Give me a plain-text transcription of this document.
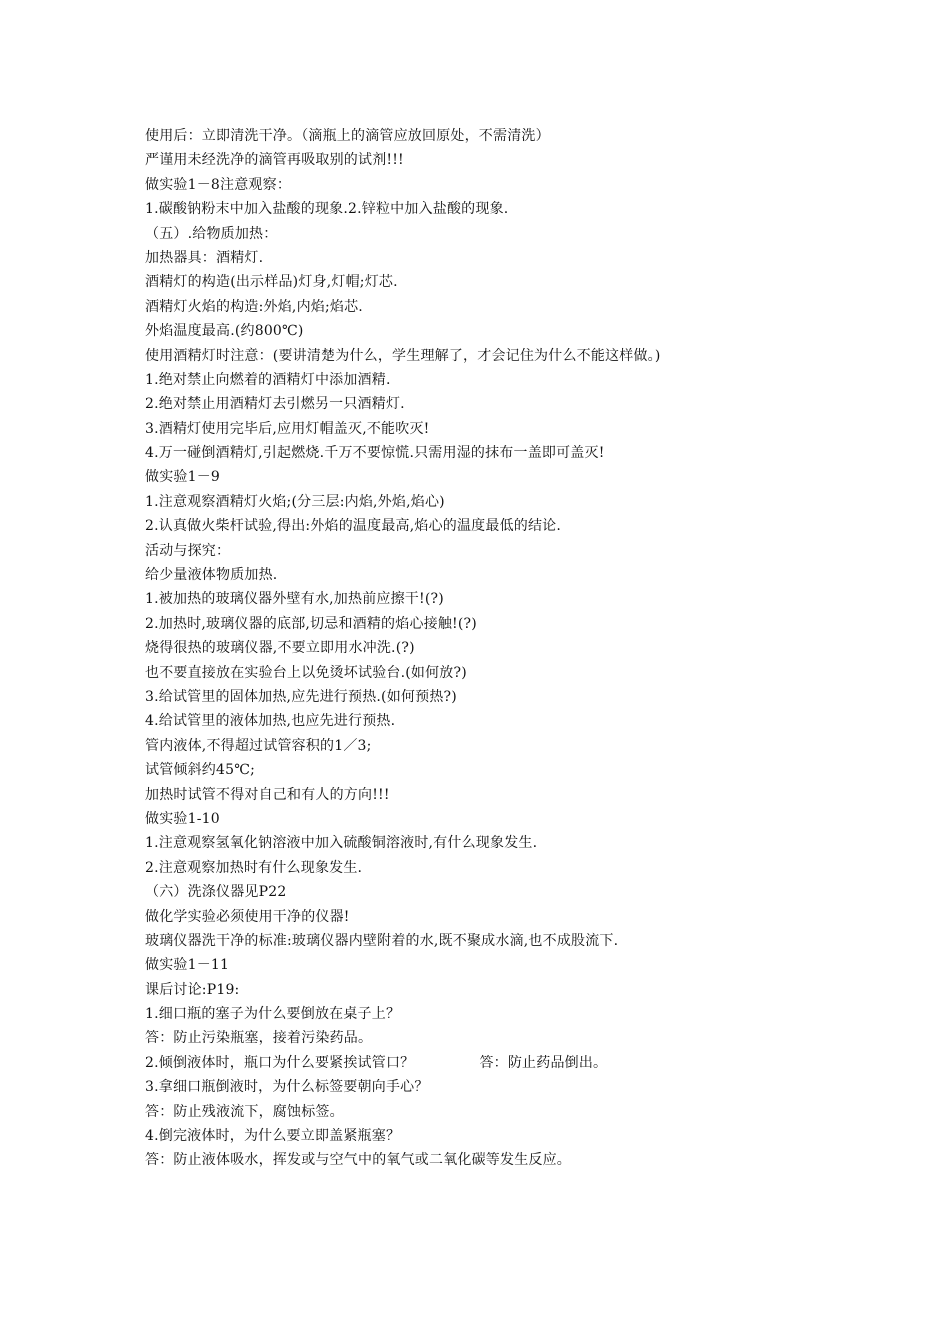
使用后：立即清洗干净。（滴瓶上的滴管应放回原处，不需清洗）
严谨用未经洗净的滴管再吸取别的试剂!!!
做实验1－8注意观察：
1.碳酸钠粉末中加入盐酸的现象.2.锌粒中加入盐酸的现象.
（五）.给物质加热：
加热器具：酒精灯.
酒精灯的构造(出示样品)灯身,灯帽;灯芯.
酒精灯火焰的构造:外焰,内焰;焰芯.
外焰温度最高.(约800℃)
使用酒精灯时注意：(要讲清楚为什么，学生理解了，才会记住为什么不能这样做。)
1.绝对禁止向燃着的酒精灯中添加酒精.
2.绝对禁止用酒精灯去引燃另一只酒精灯.
3.酒精灯使用完毕后,应用灯帽盖灭,不能吹灭!
4.万一碰倒酒精灯,引起燃烧.千万不要惊慌.只需用湿的抹布一盖即可盖灭!
做实验1－9
1.注意观察酒精灯火焰;(分三层:内焰,外焰,焰心)
2.认真做火柴杆试验,得出:外焰的温度最高,焰心的温度最低的结论.
活动与探究：
给少量液体物质加热.
1.被加热的玻璃仪器外壁有水,加热前应擦干!(?)
2.加热时,玻璃仪器的底部,切忌和酒精的焰心接触!(?)
烧得很热的玻璃仪器,不要立即用水冲洗.(?)
也不要直接放在实验台上以免烫坏试验台.(如何放?)
3.给试管里的固体加热,应先进行预热.(如何预热?)
4.给试管里的液体加热,也应先进行预热.
管内液体,不得超过试管容积的1／3;
试管倾斜约45℃;
加热时试管不得对自己和有人的方向!!!
做实验1-10
1.注意观察氢氧化钠溶液中加入硫酸铜溶液时,有什么现象发生.
2.注意观察加热时有什么现象发生.
（六）洗涤仪器见P22
做化学实验必须使用干净的仪器!
玻璃仪器洗干净的标准:玻璃仪器内壁附着的水,既不聚成水滴,也不成股流下.
做实验1－11
课后讨论:P19:
1.细口瓶的塞子为什么要倒放在桌子上？
答：防止污染瓶塞，接着污染药品。
2.倾倒液体时，瓶口为什么要紧挨试管口？              答：防止药品倒出。
3.拿细口瓶倒液时，为什么标签要朝向手心？
答：防止残液流下，腐蚀标签。
4.倒完液体时，为什么要立即盖紧瓶塞？
答：防止液体吸水，挥发或与空气中的氧气或二氧化碳等发生反应。
